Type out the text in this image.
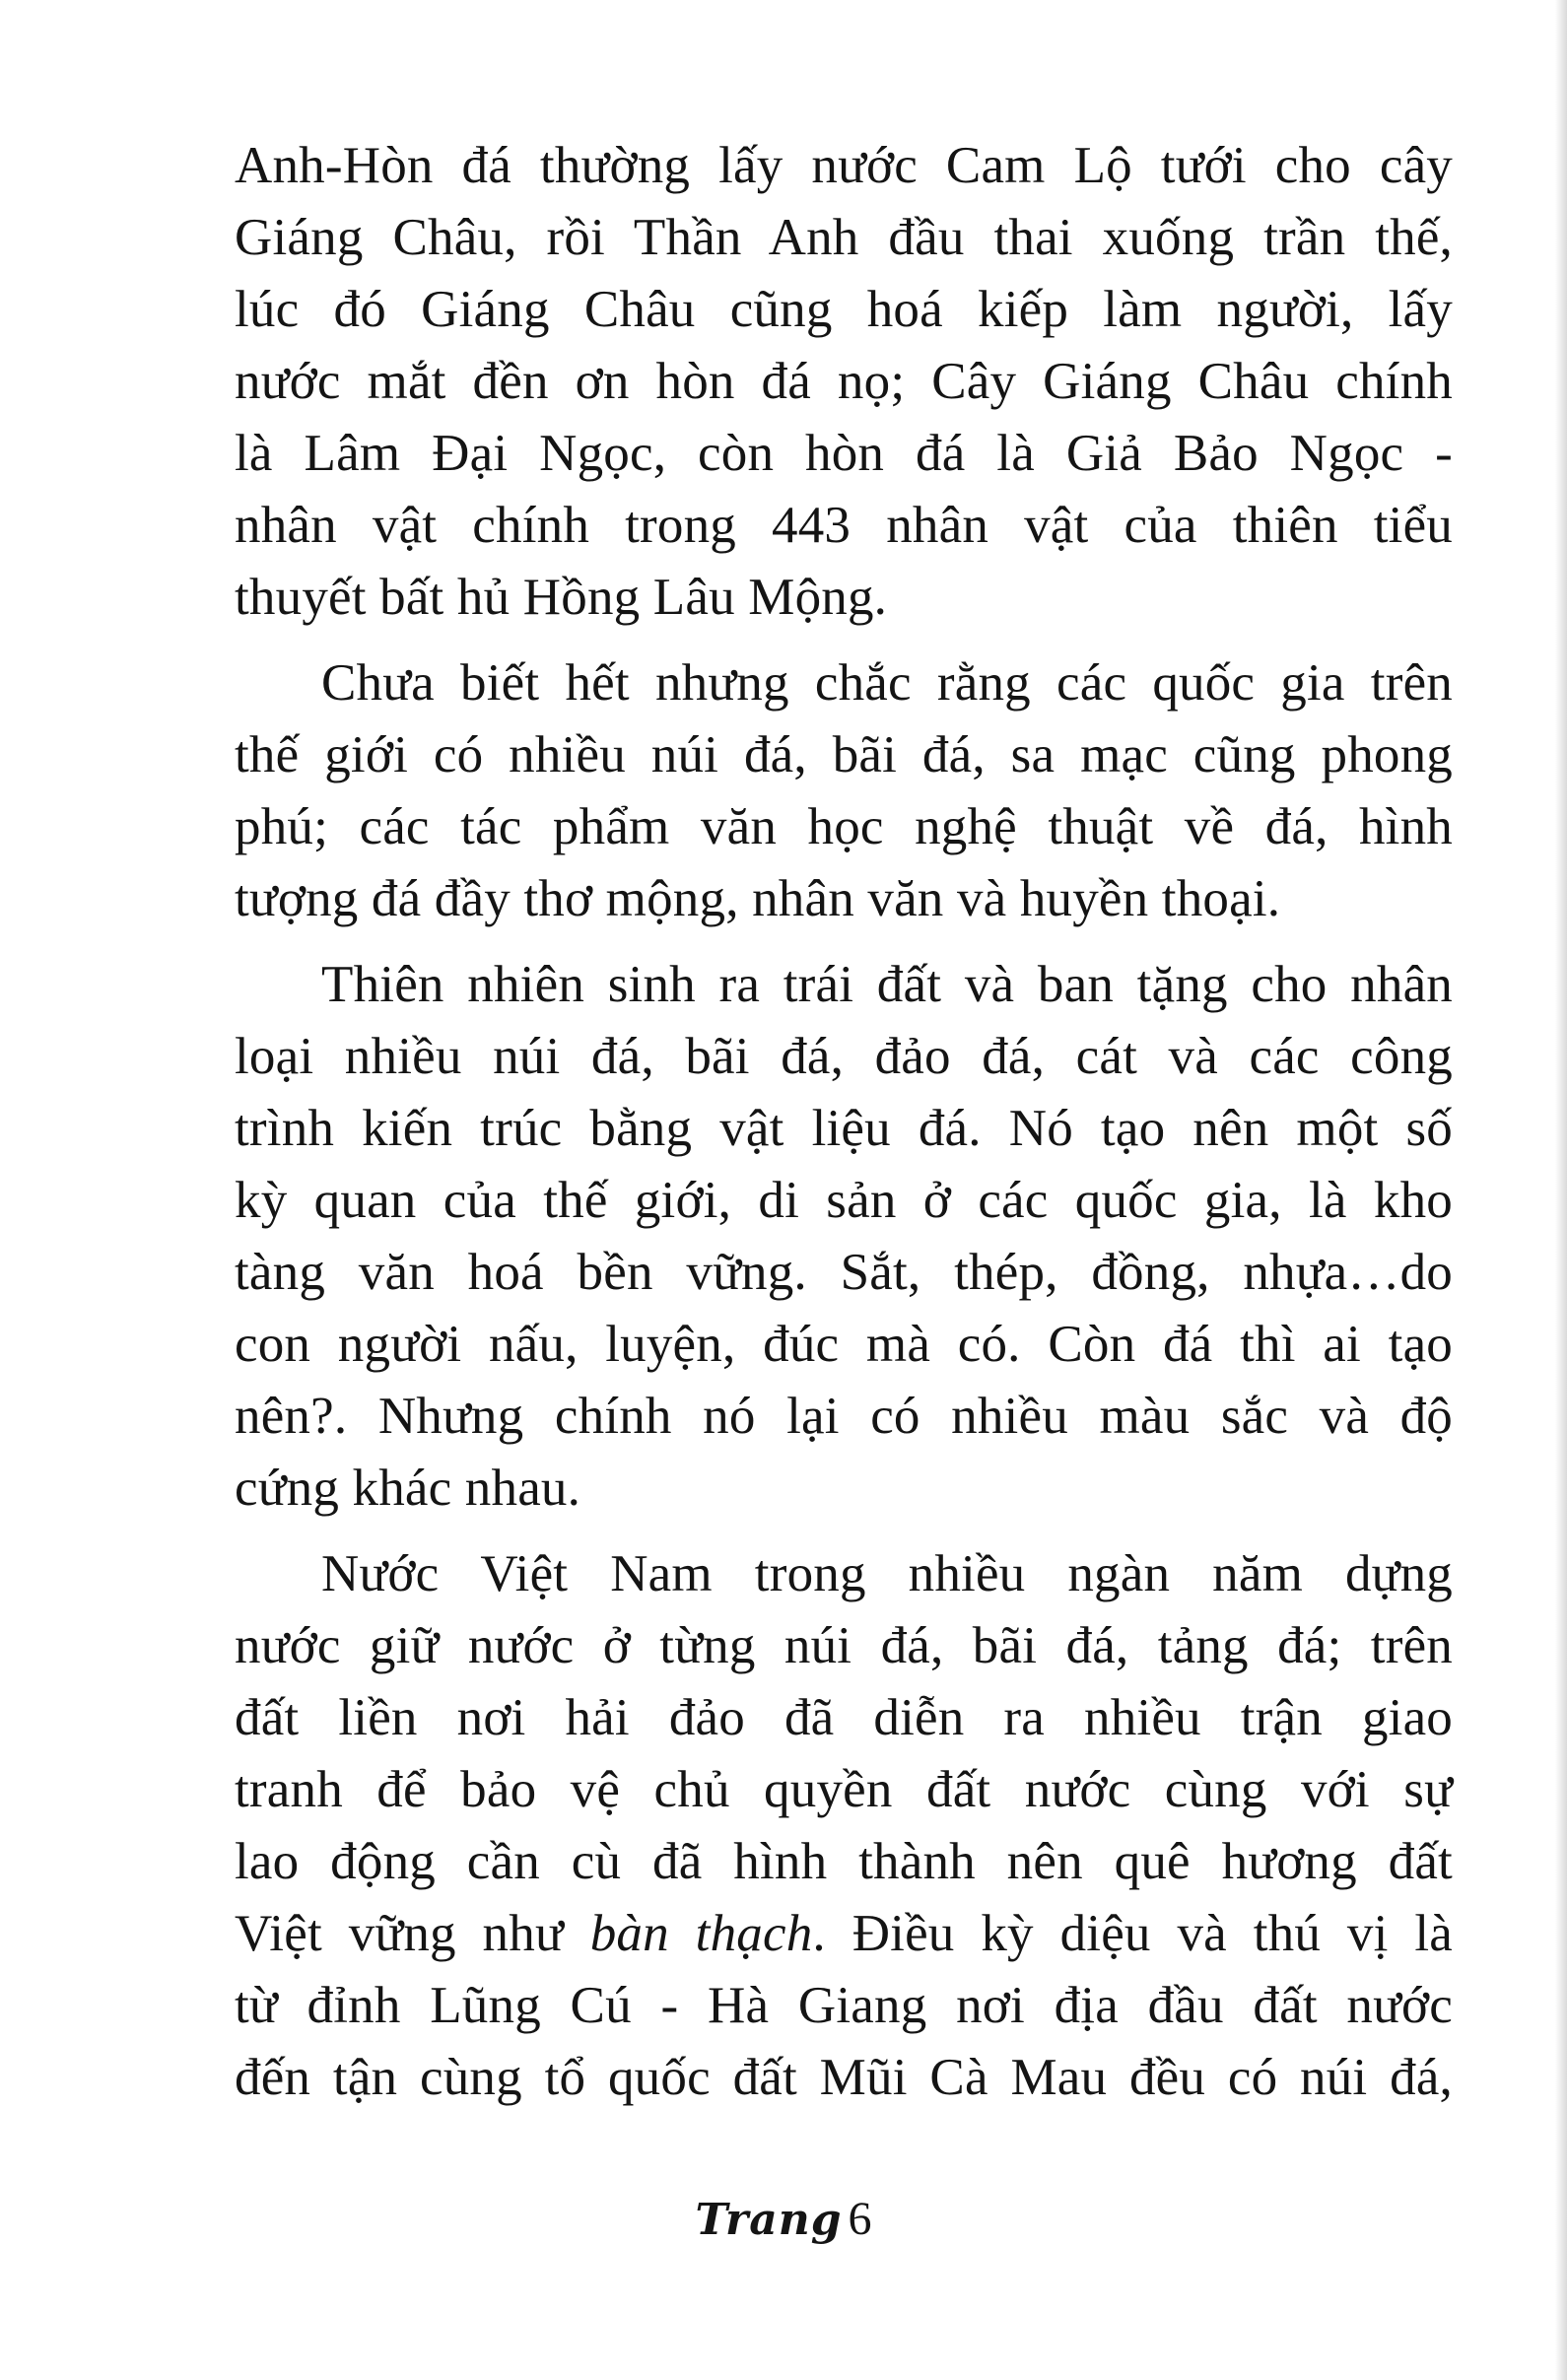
Anh-Hòn đá thường lấy nước Cam Lộ tưới cho cây
Giáng Châu, rồi Thần Anh đầu thai xuống trần thế,
lúc đó Giáng Châu cũng hoá kiếp làm người, lấy
nước mắt đền ơn hòn đá nọ; Cây Giáng Châu chính
là Lâm Đại Ngọc, còn hòn đá là Giả Bảo Ngọc -
nhân vật chính trong 443 nhân vật của thiên tiểu
thuyết bất hủ Hồng Lâu Mộng.

Chưa biết hết nhưng chắc rằng các quốc gia trên
thế giới có nhiều núi đá, bãi đá, sa mạc cũng phong
phú; các tác phẩm văn học nghệ thuật về đá, hình
tượng đá đầy thơ mộng, nhân văn và huyền thoại.

Thiên nhiên sinh ra trái đất và ban tặng cho nhân
loại nhiều núi đá, bãi đá, đảo đá, cát và các công
trình kiến trúc bằng vật liệu đá. Nó tạo nên một số
kỳ quan của thế giới, di sản ở các quốc gia, là kho
tàng văn hoá bền vững. Sắt, thép, đồng, nhựa…do
con người nấu, luyện, đúc mà có. Còn đá thì ai tạo
nên?. Nhưng chính nó lại có nhiều màu sắc và độ
cứng khác nhau.

Nước Việt Nam trong nhiều ngàn năm dựng
nước giữ nước ở từng núi đá, bãi đá, tảng đá; trên
đất liền nơi hải đảo đã diễn ra nhiều trận giao
tranh để bảo vệ chủ quyền đất nước cùng với sự
lao động cần cù đã hình thành nên quê hương đất
Việt vững như bàn thạch. Điều kỳ diệu và thú vị là
từ đỉnh Lũng Cú - Hà Giang nơi địa đầu đất nước
đến tận cùng tổ quốc đất Mũi Cà Mau đều có núi đá,

Trang 6
